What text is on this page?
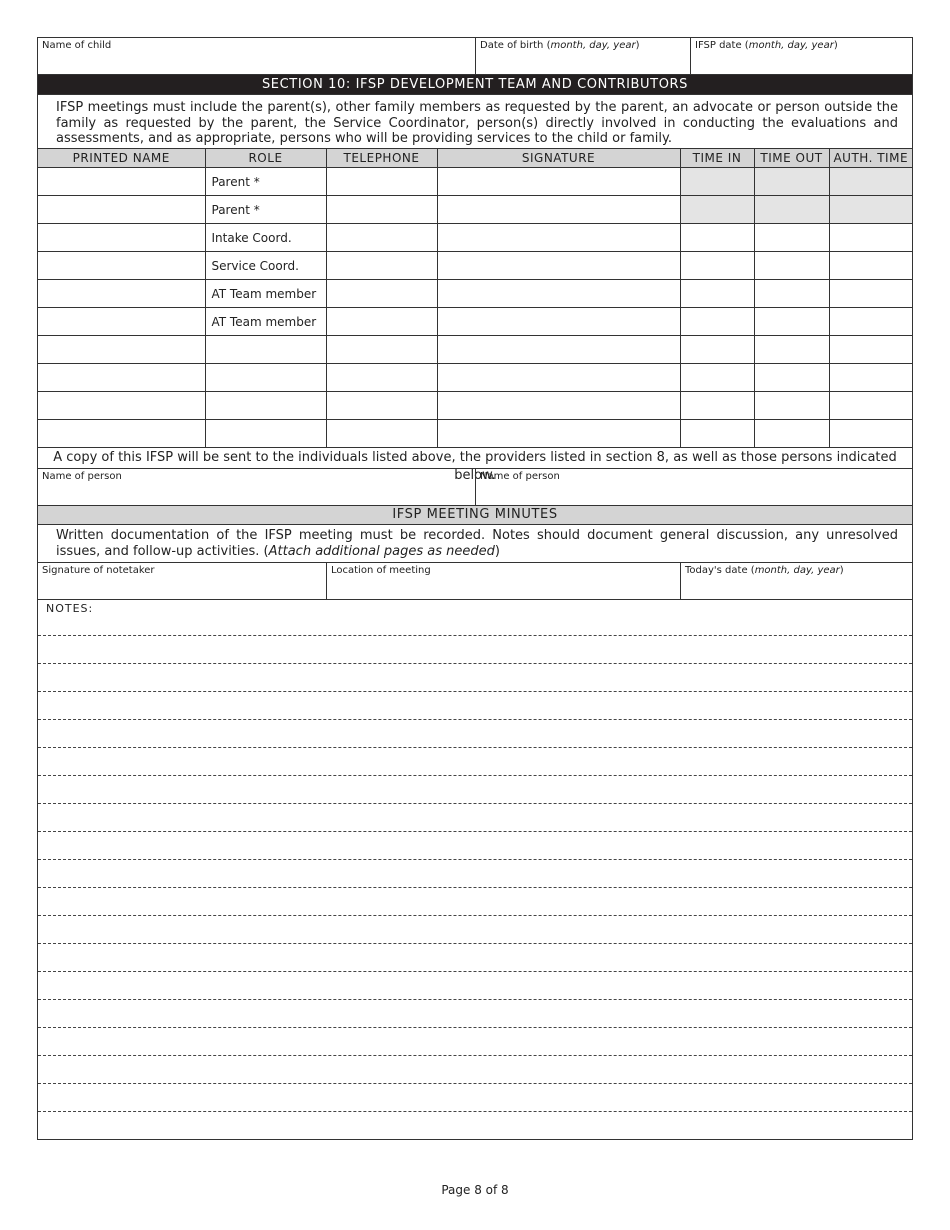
Name of child	Date of birth (month, day, year)	IFSP date (month, day, year)
SECTION 10: IFSP DEVELOPMENT TEAM AND CONTRIBUTORS
IFSP meetings must include the parent(s), other family members as requested by the parent, an advocate or person outside the family as requested by the parent, the Service Coordinator, person(s) directly involved in conducting the evaluations and assessments, and as appropriate, persons who will be providing services to the child or family.
PRINTED NAME	ROLE	TELEPHONE	SIGNATURE	TIME IN	TIME OUT	AUTH. TIME
	Parent *					
	Parent *					
	Intake Coord.					
	Service Coord.					
	AT Team member					
	AT Team member					

A copy of this IFSP will be sent to the individuals listed above, the providers listed in section 8, as well as those persons indicated below.
Name of person	Name of person
IFSP MEETING MINUTES
Written documentation of the IFSP meeting must be recorded. Notes should document general discussion, any unresolved issues, and follow-up activities. (Attach additional pages as needed)
Signature of notetaker	Location of meeting	Today's date (month, day, year)
NOTES:
Page 8 of 8
